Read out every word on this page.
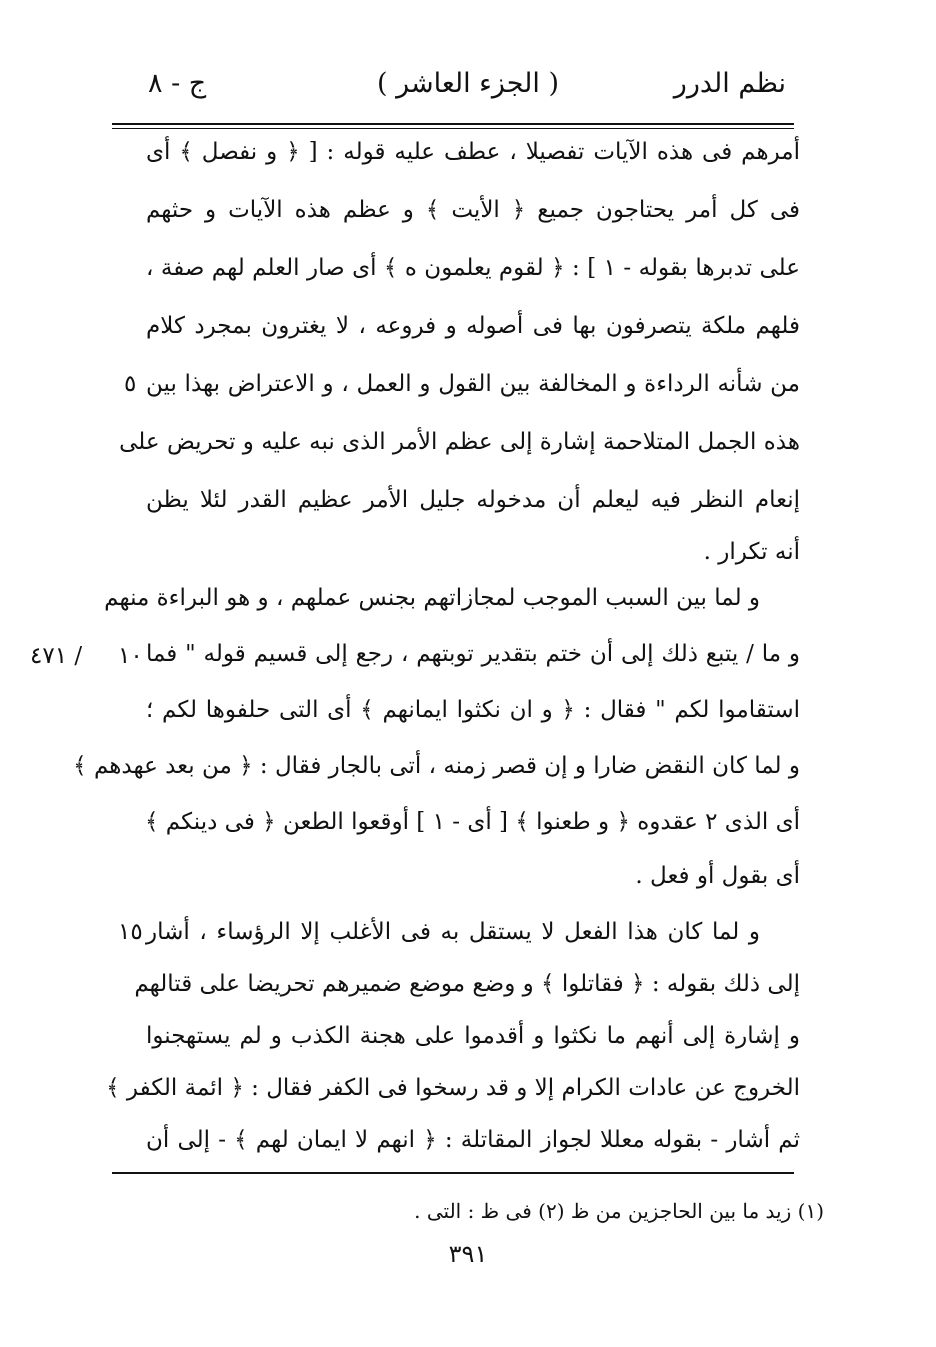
نظم الدرر
( الجزء العاشر )
ج - ٨
أمرهم فى هذه الآيات تفصيلا ، عطف عليه قوله : [ ﴿ و نفصل ﴾ أى
فى كل أمر يحتاجون جميع ﴿ الأيت ﴾ و عظم هذه الآيات و حثهم
على تدبرها بقوله - ١ ] : ﴿ لقوم يعلمون ه ﴾ أى صار العلم لهم صفة ،
فلهم ملكة يتصرفون بها فى أصوله و فروعه ، لا يغترون بمجرد كلام
من شأنه الرداءة و المخالفة بين القول و العمل ، و الاعتراض بهذا بين
هذه الجمل المتلاحمة إشارة إلى عظم الأمر الذى نبه عليه و تحريض على
إنعام النظر فيه ليعلم أن مدخوله جليل الأمر عظيم القدر لئلا يظن
أنه تكرار .
و لما بين السبب الموجب لمجازاتهم بجنس عملهم ، و هو البراءة منهم
و ما / يتبع ذلك إلى أن ختم بتقدير توبتهم ، رجع إلى قسيم قوله " فما
استقاموا لكم " فقال : ﴿ و ان نكثوا ايمانهم ﴾ أى التى حلفوها لكم ؛
و لما كان النقض ضارا و إن قصر زمنه ، أتى بالجار فقال : ﴿ من بعد عهدهم ﴾
أى الذى ٢ عقدوه ﴿ و طعنوا ﴾ [ أى - ١ ] أوقعوا الطعن ﴿ فى دينكم ﴾
أى بقول أو فعل .
و لما كان هذا الفعل لا يستقل به فى الأغلب إلا الرؤساء ، أشار
إلى ذلك بقوله : ﴿ فقاتلوا ﴾ و وضع موضع ضميرهم تحريضا على قتالهم
و إشارة إلى أنهم ما نكثوا و أقدموا على هجنة الكذب و لم يستهجنوا
الخروج عن عادات الكرام إلا و قد رسخوا فى الكفر فقال : ﴿ ائمة الكفر ﴾
ثم أشار - بقوله معللا لجواز المقاتلة : ﴿ انهم لا ايمان لهم ﴾ - إلى أن
٥
١٠
٤٧١ /
١٥
(١) زيد ما بين الحاجزين من ظ (٢) فى ظ : التى .
٣٩١
